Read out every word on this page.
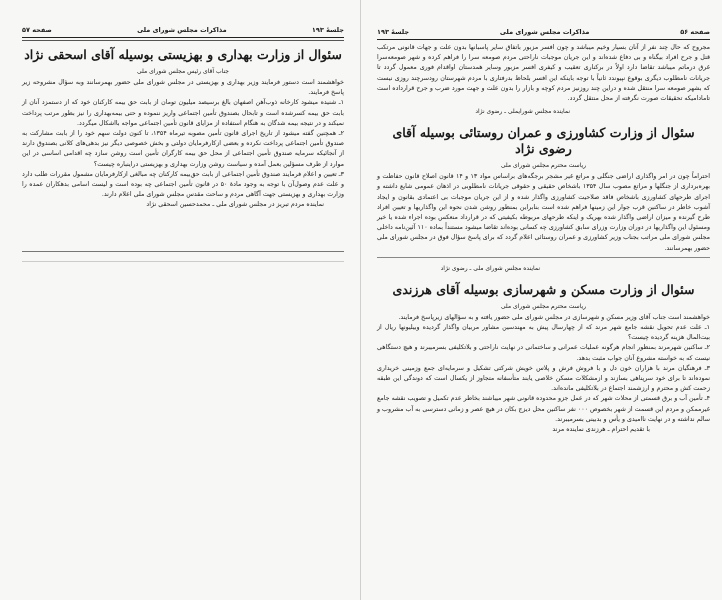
جلسهٔ ۱۹۳
مذاکرات مجلس شورای ملی
صفحه ۵۷
سئوال از وزارت بهداری و بهزیستی بوسیله آقای اسحقی نژاد
جناب آقای رئیس مجلس شورای ملی

خواهشمند است دستور فرمایند وزیر بهداری و بهزیستی در مجلس شورای ملی حضور بهمرسانند وبه سؤال مشروحه زیر پاسخ فرمایند.

۱ـ شنیده میشود کارخانه ذوب‌آهن اصفهان بالغ برسیصد میلیون تومان از بابت حق بیمه کارکنان خود که از دستمزد آنان از بابت حق بیمه کسرشده است و تابحال بصندوق تأمین اجتماعی واریز ننموده و حتی بیمه‌بهداری را نیز بطور مرتب پرداخت نمیکند و در نتیجه بیمه شدگان به هنگام استفاده از مزایای قانون تأمین اجتماعی مواجه بااشکال میگردد.

۲ـ همچنین گفته میشود از تاریخ اجرای قانون تأمین مصوبه تیرماه ۱۳۵۴، تا کنون دولت سهم خود را از بابت مشارکت به صندوق تأمین اجتماعی پرداخت نکرده و بعضی ازکارفرمایان دولتی و بخش خصوصی دیگر نیز بدهی‌های کلانی بصندوق دارند از آنجائیکه سرمایه صندوق تأمین اجتماعی از محل حق بیمه کارگران تأمین است روشن سازد چه اقدامی اساسی در این موارد از طرف مسؤلین بعمل آمده و سیاست روشن وزارت بهداری و بهزیستی دراینباره چیست؟

۳ـ تعیین و اعلام فرمایند صندوق تأمین اجتماعی از بابت حق‌بیمه کارکنان چه مبالغی ازکارفرمایان مشمول مقررات طلب دارد و علت عدم وصول‌آن با توجه به وجود مادهٔ ۵۰ در قانون تأمین اجتماعی چه بوده است و لیست اسامی بدهکاران عمده را وزارت بهداری و بهزیستی جهت آگاهی مردم و ساحت مقدس مجلس شورای ملی اعلام دارند.

نماینده مردم تبریز در مجلس شورای ملی ـ محمدحسین اسحقی نژاد

صفحه ۵۶
مذاکرات مجلس شورای ملی
جلسهٔ ۱۹۳

مجروح که حال چند نفر از آنان بسیار وخیم میباشد و چون افسر مزبور باتفاق سایر پاسبانها بدون علت و جهات قانونی مرتکب قتل و جرح افراد بیگناه و بی دفاع شده‌اند و این جریان موجبات ناراحتی مردم صومعه سرا را فراهم کرده و شهر صومعه‌سرا غرق درماتم میباشد تقاضا دارد اولاً در برکناری تعقیب و کیفری افسر مزبور وسایر همدستان اواقدام فوری معمول گردد تا جریانات نامطلوب دیگری بوقوع نپیوندد ثانیاً با توجه باینکه این افسر بلحاظ بدرفتاری با مردم شهرستان رودسرچند روزی نیست که بشهر صومعه سرا منتقل شده و دراین چند روزنیز مردم کوچه و بازار را بدون علت و جهت مورد ضرب و جرح قرارداده است تامادامیکه تحقیقات صورت نگرفته از محل منتقل گردد.

نماینده مجلس شورایملی ـ رضوی نژاد
سئوال از وزارت کشاورزی و عمران روستائی بوسیله آقای رضوی نژاد
ریاست محترم مجلس شورای ملی

احتراماً چون در امر واگذاری اراضی جنگلی و مراتع غیر مشجر برجگه‌های براساس مواد ۱۳ و ۱۴ قانون اصلاح قانون حفاظت و بهره‌برداری از جنگلها و مراتع مصوب سال ۱۳۵۴ باشخاص حقیقی و حقوقی جریانات نامطلوبی در اذهان عمومی شایع داشته و اجرای طرحهای کشاورزی باشخاص فاقد صلاحیت کشاورزی واگذار شده و از این جریان موجبات بی اعتمادی بقانون و ایجاد آشوب خاطر در ساکنین قرب جوار این زمینها فراهم شده است بنابراین بمنظور روشن شدن نحوه این واگذاریها و تعیین افراد طرح گیرنده و میزان اراضی واگذار شده بهریک و اینکه طرحهای مربوطه بکیفیتی که در قرارداد منعکس بوده اجراء شده یا خیر ومسئول این واگذاریها در دوران وزارت وزرای سابق کشاورزی چه کسانی بوده‌اند تقاضا میشود مستنداً بماده ۱۱۰ آئین‌نامه داخلی مجلس شورای ملی مراتب بجناب وزیر کشاورزی و عمران روستائی اعلام گردد که برای پاسخ سؤال فوق در مجلس شورای ملی حضور بهمرسانند.

نماینده مجلس شورای ملی ـ رضوی نژاد
سئوال از وزارت مسکن و شهرسازی بوسیله آقای هرزندی
ریاست محترم مجلس شورای ملی

خواهشمند است جناب آقای وزیر مسکن و شهرسازی در مجلس شورای ملی حضور یافته و به سؤالهای زیرپاسخ فرمایند.

۱ـ علت عدم تحویل نقشه جامع شهر مرند که از چهارسال پیش به مهندسین مشاور مربیان واگذار گردیده وبیلیونها ریال از بیت‌المال هزینه گردیده چیست؟

۲ـ ساکنین شهرمرند بمنظور انجام هرگونه عملیات عمرانی و ساختمانی در نهایت ناراحتی و بلاتکلیفی بسرمیبرند و هیچ دستگاهی نیست که به خواسته مشروع آنان جواب مثبت بدهد.

۳ـ فرهنگیان مرند با هزاران خون دل و با فروش فرش و پلاس خویش شرکتی تشکیل و سرمایه‌ای جمع وزمینی خریداری نموده‌اند تا برای خود سرپناهی بسازند و ازمشکلات مسکن خلاصی یابند متأسفانه متجاوز از یکسال است که دوندگی این طبقه زحمت کش و محترم و ارزشمند اجتماع در بلاتکلیفی مانده‌اند.

۴ـ تأمین آب و برق قسمتی از محلات شهر که در عمل جزو محدوده قانونی شهر میباشند بخاطر عدم تکمیل و تصویب نقشه جامع غیرممکن و مردم این قسمت از شهر بخصوص ۰۰۰ نفر ساکنین محل دیزج بکان در هیچ عصر و زمانی دسترسی به آب مشروب و سالم نداشته و در نهایت ناامیدی و یأس و بدبینی بسرمیبرند.

با تقدیم احترام ـ هرزندی نماینده مرند
